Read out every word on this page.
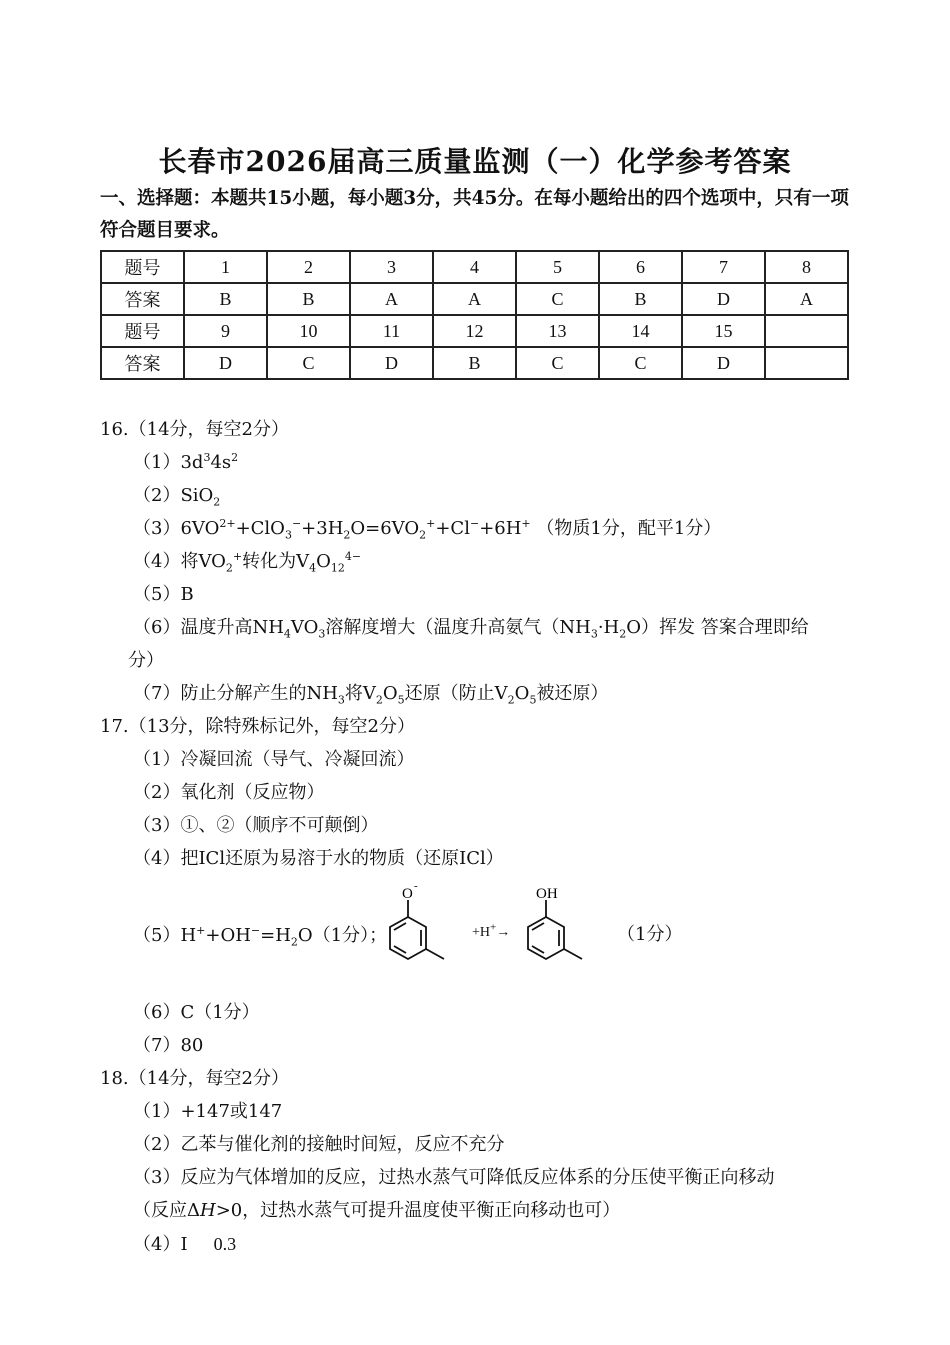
长春市2026届高三质量监测（一）化学参考答案
一、选择题：本题共15小题，每小题3分，共45分。在每小题给出的四个选项中，只有一项符合题目要求。
题号	1	2	3	4	5	6	7	8
答案	B	B	A	A	C	B	D	A
题号	9	10	11	12	13	14	15	
答案	D	C	D	B	C	C	D	
16.（14分，每空2分）
$(1)3d^34s^2$
（2）SiO$_2$
$(3)6VO^{2+}+ClO_3^-+3H_2O=6VO_2^++Cl^-+6H^+$ （物质1分，配平1分）
（4）将$VO_2^+$转化为$V_4O_{12}^{4-}$
（5）B
（6）温度升高$NH_4VO_3$溶解度增大（温度升高氨气$(NH_3\cdot H_2O)$挥发 答案合理即给
分）
（7）防止分解产生的$NH_3$将$V_2O_5$还原（防止$V_2O_5$被还原）
17.（13分，除特殊标记外，每空2分）
（1）冷凝回流（导气、冷凝回流）
（2）氧化剂（反应物）
（3）①、②（顺序不可颠倒）
（4）把ICl还原为易溶于水的物质（还原ICl）
$(5)H^++OH^-=H_2O(1$分）；
O -
+H+→
OH
（1分）
（6）C（1分）
（7）80
18.（14分，每空2分）
（1）+147或147
（2）乙苯与催化剂的接触时间短，反应不充分
（3）反应为气体增加的反应，过热水蒸气可降低反应体系的分压使平衡正向移动
（反应ΔH>0，过热水蒸气可提升温度使平衡正向移动也可）
（4）Ⅰ 0.3
